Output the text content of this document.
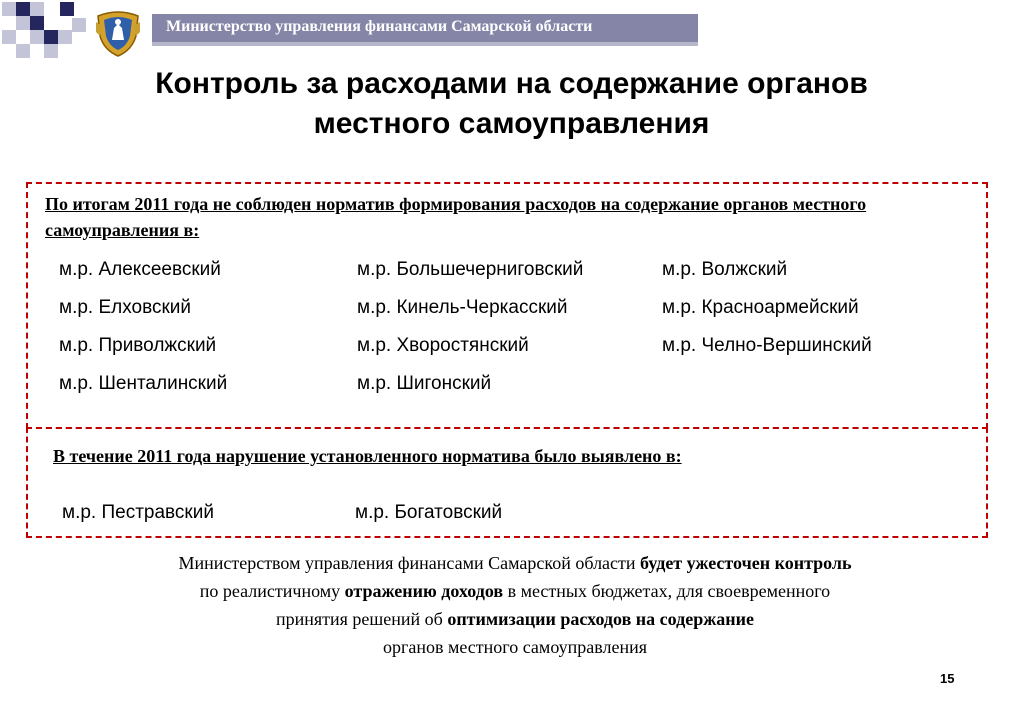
Министерство управления финансами Самарской области
Контроль за расходами на содержание органов
местного самоуправления
По итогам 2011 года не соблюден норматив формирования расходов на содержание органов местного самоуправления в:
м.р. Алексеевский	м.р. Большечерниговский	м.р. Волжский
м.р. Елховский	м.р. Кинель-Черкасский	м.р. Красноармейский
м.р. Приволжский	м.р. Хворостянский	м.р. Челно-Вершинский
м.р. Шенталинский	м.р. Шигонский
В течение 2011 года нарушение установленного норматива было выявлено в:
м.р. Пестравский	м.р. Богатовский
Министерством управления финансами Самарской области будет ужесточен контроль
по реалистичному отражению доходов в местных бюджетах, для своевременного
принятия решений об оптимизации расходов на содержание
органов местного самоуправления
15
